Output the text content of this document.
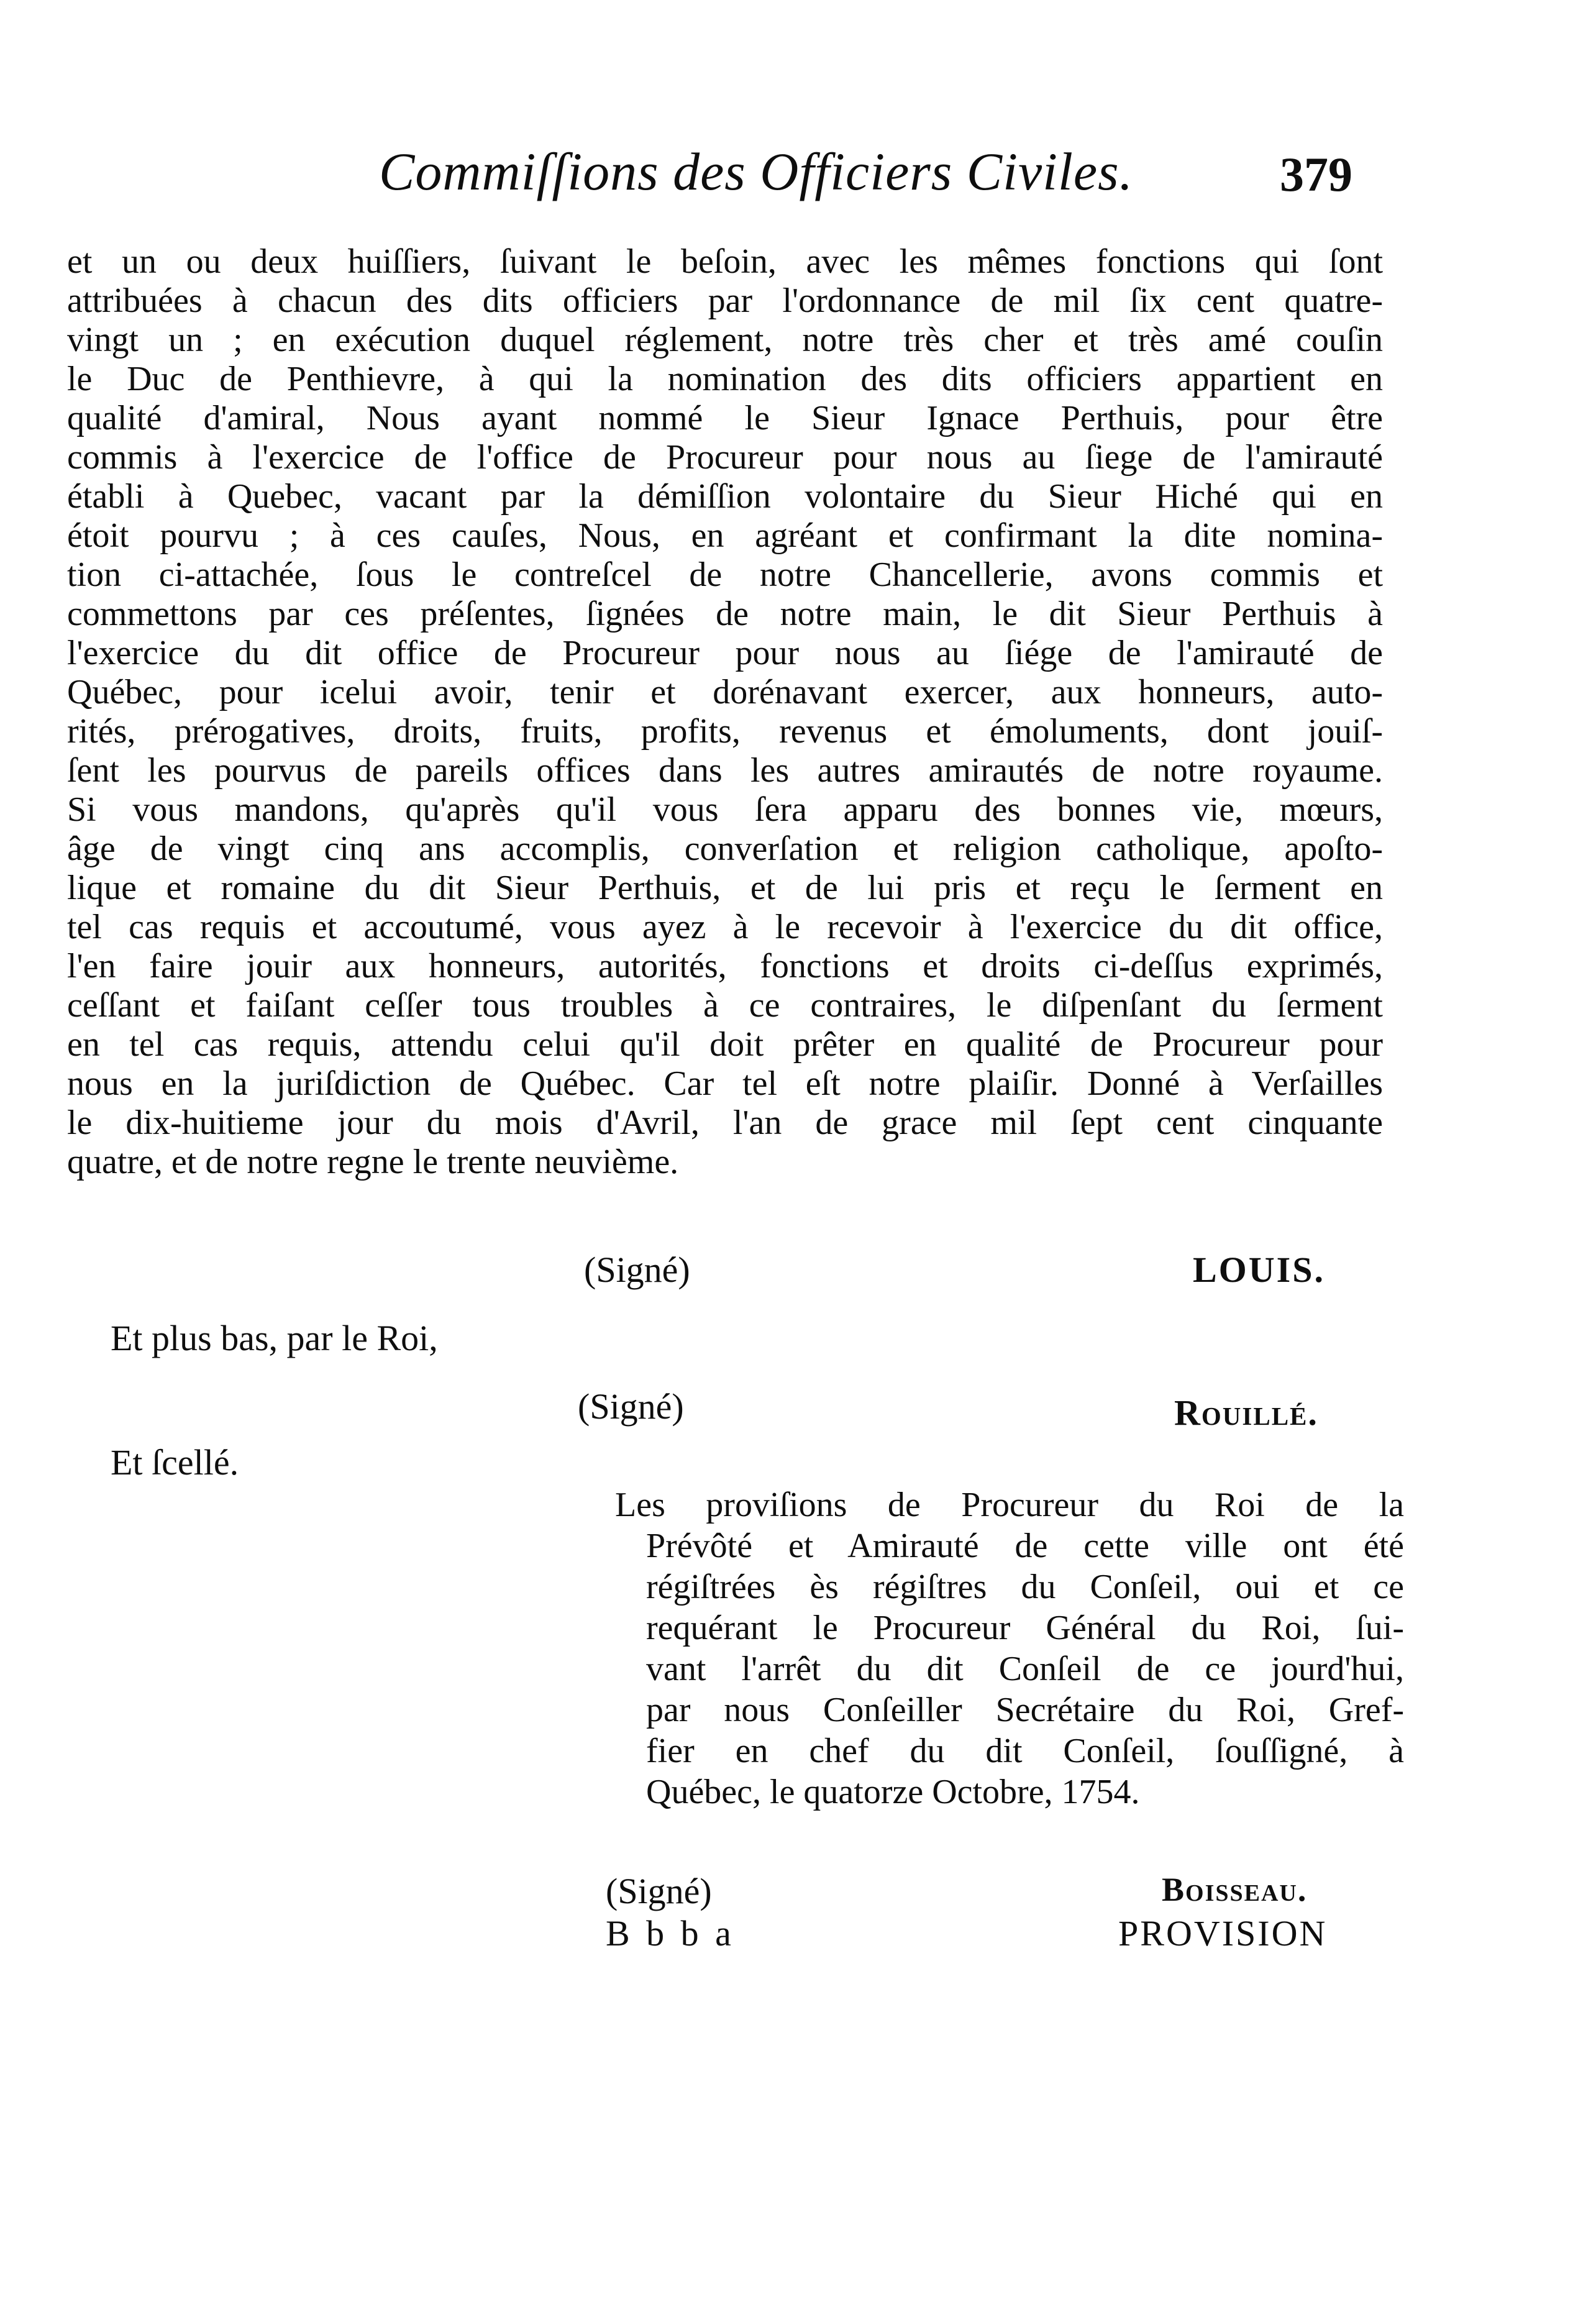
Commiſſions des Officiers Civiles.	379
et un ou deux huiſſiers, ſuivant le beſoin, avec les mêmes fonctions qui ſont
attribuées à chacun des dits officiers par l'ordonnance de mil ſix cent quatre-
vingt un ; en exécution duquel réglement, notre très cher et très amé couſin
le Duc de Penthievre, à qui la nomination des dits officiers appartient en
qualité d'amiral, Nous ayant nommé le Sieur Ignace Perthuis, pour être
commis à l'exercice de l'office de Procureur pour nous au ſiege de l'amirauté
établi à Quebec, vacant par la démiſſion volontaire du Sieur Hiché qui en
étoit pourvu ; à ces cauſes, Nous, en agréant et confirmant la dite nomina-
tion ci-attachée, ſous le contreſcel de notre Chancellerie, avons commis et
commettons par ces préſentes, ſignées de notre main, le dit Sieur Perthuis à
l'exercice du dit office de Procureur pour nous au ſiége de l'amirauté de
Québec, pour icelui avoir, tenir et dorénavant exercer, aux honneurs, auto-
rités, prérogatives, droits, fruits, profits, revenus et émoluments, dont jouiſ-
ſent les pourvus de pareils offices dans les autres amirautés de notre royaume.
Si vous mandons, qu'après qu'il vous ſera apparu des bonnes vie, mœurs,
âge de vingt cinq ans accomplis, converſation et religion catholique, apoſto-
lique et romaine du dit Sieur Perthuis, et de lui pris et reçu le ſerment en
tel cas requis et accoutumé, vous ayez à le recevoir à l'exercice du dit office,
l'en faire jouir aux honneurs, autorités, fonctions et droits ci-deſſus exprimés,
ceſſant et faiſant ceſſer tous troubles à ce contraires, le diſpenſant du ſerment
en tel cas requis, attendu celui qu'il doit prêter en qualité de Procureur pour
nous en la juriſdiction de Québec. Car tel eſt notre plaiſir. Donné à Verſailles
le dix-huitieme jour du mois d'Avril, l'an de grace mil ſept cent cinquante
quatre, et de notre regne le trente neuvième.
(Signé)	LOUIS.
Et plus bas, par le Roi,
(Signé)	Rouillé.
Et ſcellé.
Les proviſions de Procureur du Roi de la
Prévôté et Amirauté de cette ville ont été
régiſtrées ès régiſtres du Conſeil, oui et ce
requérant le Procureur Général du Roi, ſui-
vant l'arrêt du dit Conſeil de ce jourd'hui,
par nous Conſeiller Secrétaire du Roi, Gref-
fier en chef du dit Conſeil, ſouſſigné, à
Québec, le quatorze Octobre, 1754.
(Signé)	Boisseau.
B b b a	PROVISION
